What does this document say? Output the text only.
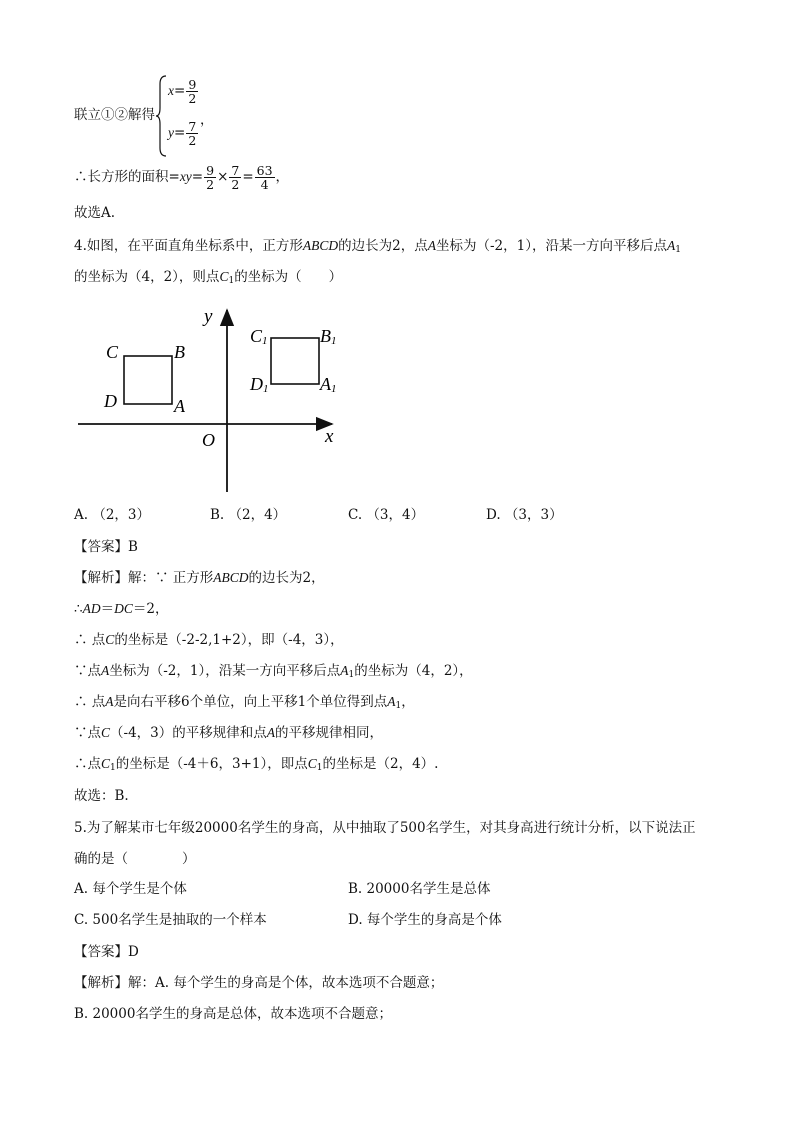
联立①②解得
$x= \frac{9}{2}$
，
$y= \frac{7}{2}$
∴长方形的面积$=xy= \frac{9}{2} \times \frac{7}{2} = \frac{63}{4}$ ，
故选A.
4.如图，在平面直角坐标系中，正方形ABCD的边长为2，点A坐标为（-2，1），沿某一方向平移后点$A_1$
的坐标为（4，2），则点$C_1$的坐标为（　　）
y
x
O
C	B
D	A
C1	B1
D1	A1
A. （2，3）	B. （2，4）	C. （3，4）	D. （3，3）
【答案】B
【解析】解：∵ 正方形ABCD的边长为2，
∴AD＝DC＝2，
∴ 点C的坐标是（-2-2,1+2），即（-4，3），
∵点A坐标为（-2，1），沿某一方向平移后点$A_1$的坐标为（4，2），
∴ 点A是向右平移6个单位，向上平移1个单位得到点$A_1$，
∵点C（-4，3）的平移规律和点A的平移规律相同，
∴点$C_1$的坐标是（-4＋6，3+1），即点$C_1$的坐标是（2，4）.
故选：B.
5.为了解某市七年级20000名学生的身高，从中抽取了500名学生，对其身高进行统计分析，以下说法正
确的是（　　　　）
A. 每个学生是个体	B. 20000名学生是总体
C. 500名学生是抽取的一个样本	D. 每个学生的身高是个体
【答案】D
【解析】解：A. 每个学生的身高是个体，故本选项不合题意；
B. 20000名学生的身高是总体，故本选项不合题意；
